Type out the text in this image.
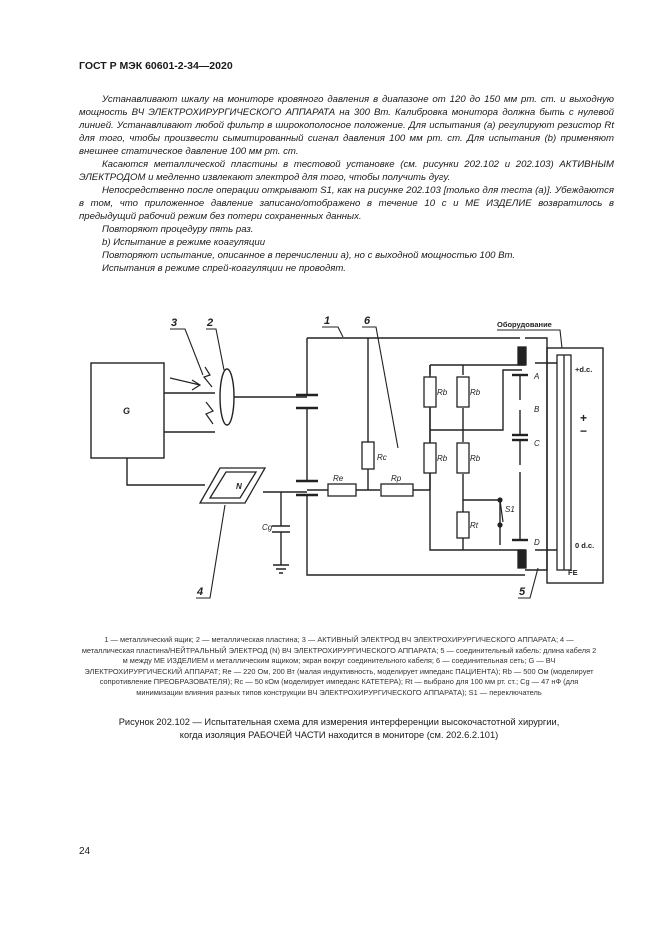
ГОСТ Р МЭК 60601-2-34—2020

Устанавливают шкалу на мониторе кровяного давления в диапазоне от 120 до 150 мм рт. ст. и выходную мощность ВЧ ЭЛЕКТРОХИРУРГИЧЕСКОГО АППАРАТА на 300 Вт. Калибровка монитора должна быть с нулевой линией. Устанавливают любой фильтр в широкополосное положение. Для испытания (а) регулируют резистор Rt для того, чтобы произвести сымитированный сигнал давления 100 мм рт. ст. Для испытания (b) применяют внешнее статическое давление 100 мм рт. ст.

Касаются металлической пластины в тестовой установке (см. рисунки 202.102 и 202.103) АКТИВНЫМ ЭЛЕКТРОДОМ и медленно извлекают электрод для того, чтобы получить дугу.

Непосредственно после операции открывают S1, как на рисунке 202.103 [только для теста (а)]. Убеждаются в том, что приложенное давление записано/отображено в течение 10 с и МЕ ИЗДЕЛИЕ возвратилось в предыдущий рабочий режим без потери сохраненных данных.

Повторяют процедуру пять раз.

b) Испытание в режиме коагуляции

Повторяют испытание, описанное в перечислении а), но с выходной мощностью 100 Вт.

Испытания в режиме спрей-коагуляции не проводят.

3	2	1	6
4	5
Оборудование
G
N
Cg
Re
Rc
Rp
Rb	Rb
Rb	Rb
Rt
S1
A
B
C
D
+d.c.
+
−
0 d.c.
FE
1 — металлический ящик; 2 — металлическая пластина; 3 — АКТИВНЫЙ ЭЛЕКТРОД ВЧ ЭЛЕКТРОХИРУРГИЧЕСКОГО АППАРАТА; 4 — металлическая пластина/НЕЙТРАЛЬНЫЙ ЭЛЕКТРОД (N) ВЧ ЭЛЕКТРОХИРУРГИЧЕСКОГО АППАРАТА; 5 — соединительный кабель: длина кабеля 2 м между МЕ ИЗДЕЛИЕМ и металлическим ящиком; экран вокруг соединительного кабеля; 6 — соединительная сеть; G — ВЧ ЭЛЕКТРОХИРУРГИЧЕСКИЙ АППАРАТ; Re — 220 Ом, 200 Вт (малая индуктивность, моделирует импеданс ПАЦИЕНТА); Rb — 500 Ом (моделирует сопротивление ПРЕОБРАЗОВАТЕЛЯ); Rc — 50 кОм (моделирует импеданс КАТЕТЕРА); Rt — выбрано для 100 мм рт. ст.; Cg — 47 нФ (для минимизации влияния разных типов конструкции ВЧ ЭЛЕКТРОХИРУРГИЧЕСКОГО АППАРАТА); S1 — переключатель
Рисунок 202.102 — Испытательная схема для измерения интерференции высокочастотной хирургии,
когда изоляция РАБОЧЕЙ ЧАСТИ находится в мониторе (см. 202.6.2.101)
24
